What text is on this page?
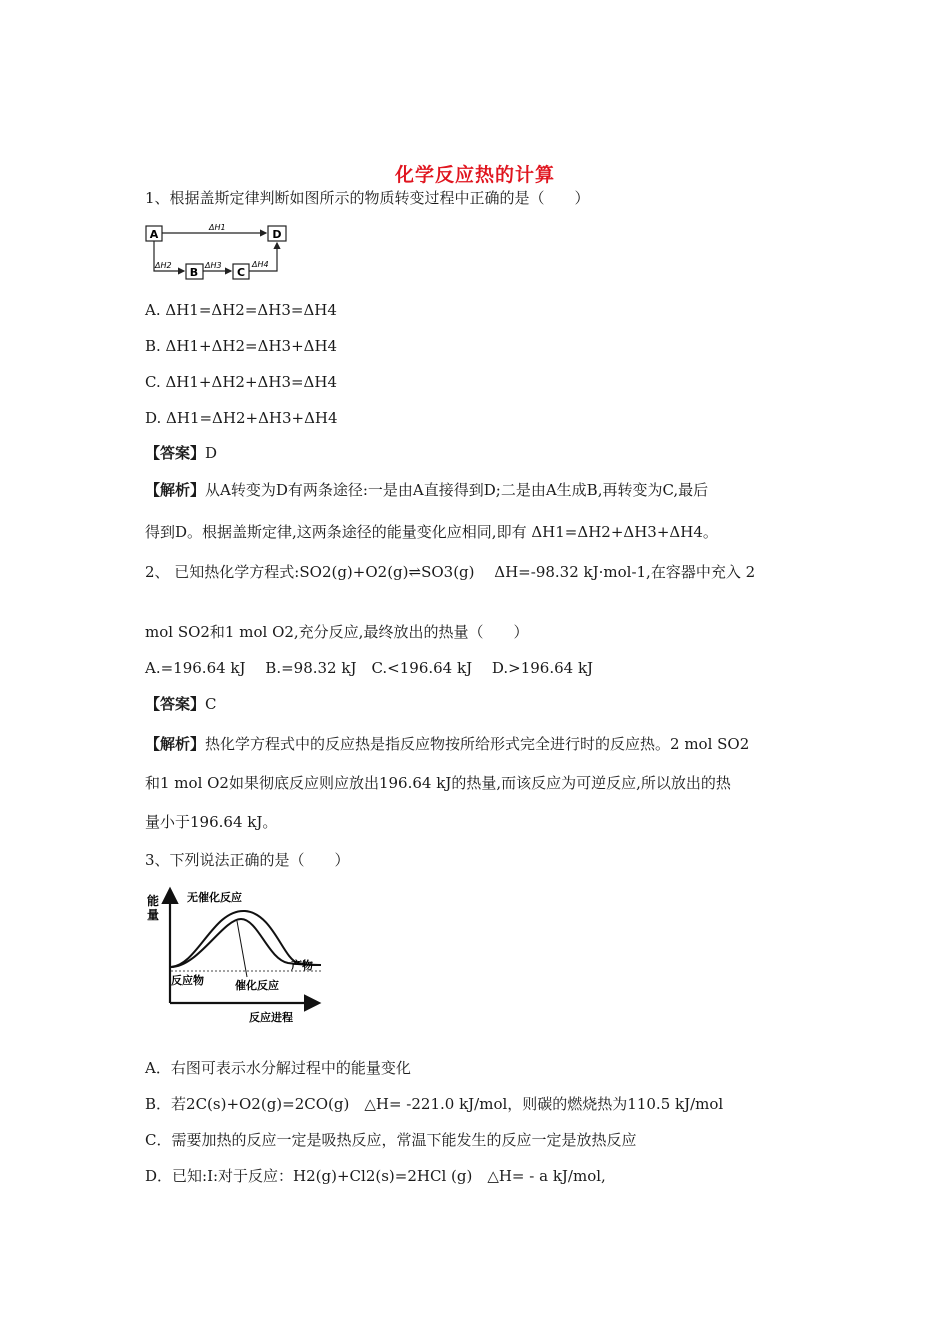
化学反应热的计算
1、根据盖斯定律判断如图所示的物质转变过程中正确的是（　　）
A	D
B	C
ΔH1
ΔH2	ΔH3	ΔH4
A. ΔH1=ΔH2=ΔH3=ΔH4
B. ΔH1+ΔH2=ΔH3+ΔH4
C. ΔH1+ΔH2+ΔH3=ΔH4
D. ΔH1=ΔH2+ΔH3+ΔH4
【答案】D
【解析】从A转变为D有两条途径:一是由A直接得到D;二是由A生成B,再转变为C,最后
得到D。根据盖斯定律,这两条途径的能量变化应相同,即有 ΔH1=ΔH2+ΔH3+ΔH4。
2、 已知热化学方程式:SO2(g)+O2(g)⇌SO3(g)　 ΔH=-98.32 kJ·mol-1,在容器中充入 2
mol SO2和1 mol O2,充分反应,最终放出的热量（　　）
A.=196.64 kJ　 B.=98.32 kJ　C.<196.64 kJ　 D.>196.64 kJ
【答案】C
【解析】热化学方程式中的反应热是指反应物按所给形式完全进行时的反应热。2 mol SO2
和1 mol O2如果彻底反应则应放出196.64 kJ的热量,而该反应为可逆反应,所以放出的热
量小于196.64 kJ。
3、下列说法正确的是（　　）
能
量
无催化反应
催化反应
反应物
产物
反应进程
A．右图可表示水分解过程中的能量变化
B．若2C(s)+O2(g)=2CO(g)　△H= -221.0 kJ/mol，则碳的燃烧热为110.5 kJ/mol
C．需要加热的反应一定是吸热反应，常温下能发生的反应一定是放热反应
D．已知:Ⅰ:对于反应：H2(g)+Cl2(s)=2HCl (g)　△H= - a kJ/mol,
